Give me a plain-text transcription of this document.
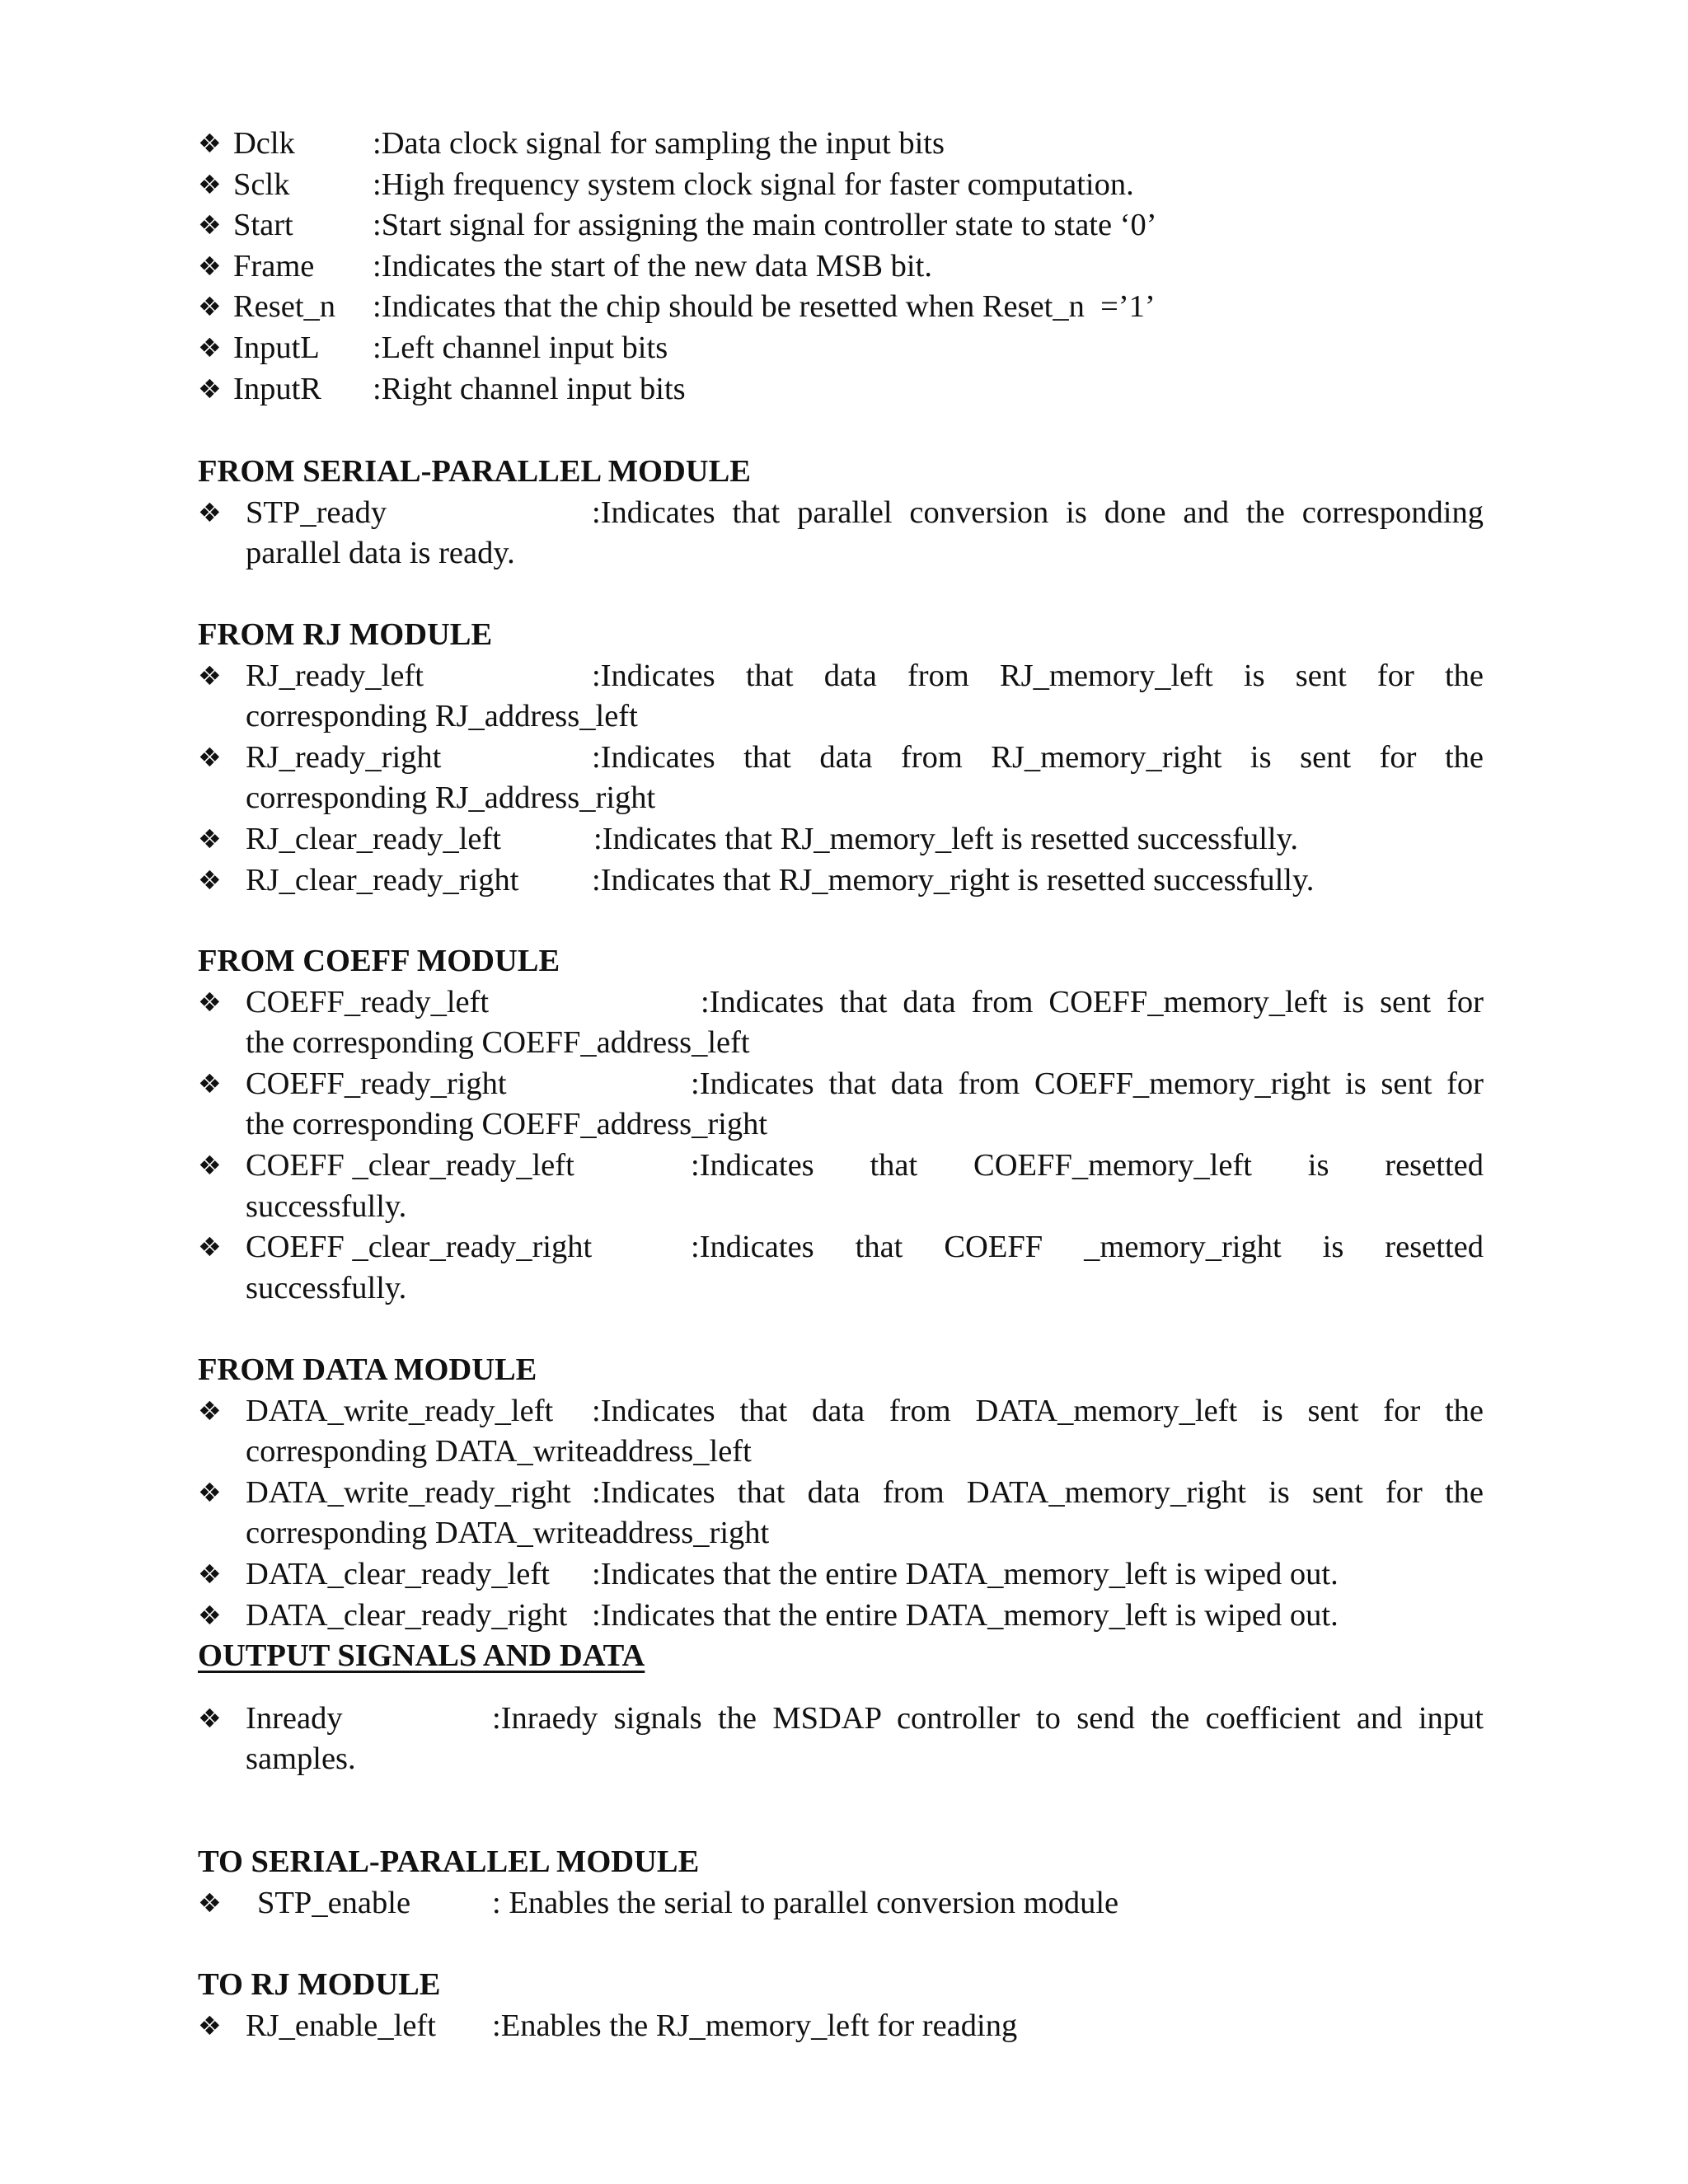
❖ Dclk :Data clock signal for sampling the input bits
❖ Sclk	:High frequency system clock signal for faster computation.
❖ Start	:Start signal for assigning the main controller state to state ‘0’
❖ Frame :Indicates the start of the new data MSB bit.
❖ Reset_n :Indicates that the chip should be resetted when Reset_n  =’1’
❖ InputL :Left channel input bits
❖ InputR :Right channel input bits
FROM SERIAL-PARALLEL MODULE
❖ STP_ready	:Indicates that parallel conversion is done and the corresponding
parallel data is ready.
FROM RJ MODULE
❖ RJ_ready_left	:Indicates that data from RJ_memory_left is sent for the
corresponding RJ_address_left
❖ RJ_ready_right	:Indicates that data from RJ_memory_right is sent for the
corresponding RJ_address_right
❖ RJ_clear_ready_left	:Indicates that RJ_memory_left is resetted successfully.
❖ RJ_clear_ready_right :Indicates that RJ_memory_right is resetted successfully.
FROM COEFF MODULE
❖ COEFF_ready_left	:Indicates that data from COEFF_memory_left is sent for
the corresponding COEFF_address_left
❖ COEFF_ready_right	:Indicates that data from COEFF_memory_right is sent for
the corresponding COEFF_address_right
❖ COEFF _clear_ready_left	:Indicates that COEFF_memory_left is resetted
successfully.
❖ COEFF _clear_ready_right	:Indicates that COEFF _memory_right is resetted
successfully.
FROM DATA MODULE
❖ DATA_write_ready_left :Indicates that data from DATA_memory_left is sent for the
corresponding DATA_writeaddress_left
❖ DATA_write_ready_right :Indicates that data from DATA_memory_right is sent for the
corresponding DATA_writeaddress_right
❖ DATA_clear_ready_left :Indicates that the entire DATA_memory_left is wiped out.
❖ DATA_clear_ready_right :Indicates that the entire DATA_memory_left is wiped out.
OUTPUT SIGNALS AND DATA
❖ Inready	:Inraedy signals the MSDAP controller to send the coefficient and input
samples.
TO SERIAL-PARALLEL MODULE
❖ STP_enable	: Enables the serial to parallel conversion module
TO RJ MODULE
❖ RJ_enable_left :Enables the RJ_memory_left for reading
